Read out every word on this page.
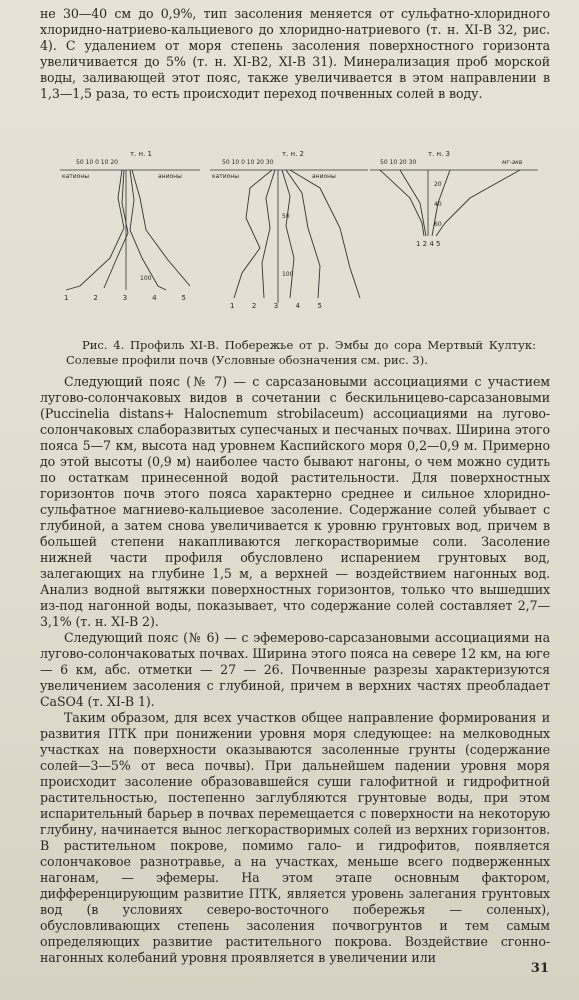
не 30—40 см до 0,9%, тип засоления меняется от сульфатно-хлоридного хлоридно-натриево-кальциевого до хлоридно-натриевого (т. н. XI-В 32, рис. 4). С удалением от моря степень засоления поверхностного горизонта увеличивается до 5% (т. н. XI-В2, XI-В 31). Минерализация проб морской воды, заливающей этот пояс, также увеличивается в этом направлении в 1,3—1,5 раза, то есть происходит переход почвенных солей в воду.

т. н. 1
50 10 0 10 20
катионы	анионы
100
1 2 3 4 5
т. н. 2
50 10 0 10 20 30
катионы	анионы
50
100
1 2 3 4 5
т. н. 3
50 10 20 30	мг-экв
20
40
60
1 2 4 5

Рис. 4. Профиль XI-В. Побережье от р. Эмбы до сора Мертвый Култук: Солевые профили почв (Условные обозначения см. рис. 3).

Следующий пояс (№ 7) — с сарсазановыми ассоциациями с участием лугово-солончаковых видов в сочетании с бескильницево-сарсазановыми (Puccinelia distans+ Halocnemum strobilaceum) ассоциациями на лугово-солончаковых слаборазвитых супесчаных и песчаных почвах. Ширина этого пояса 5—7 км, высота над уровнем Каспийского моря 0,2—0,9 м. Примерно до этой высоты (0,9 м) наиболее часто бывают нагоны, о чем можно судить по остаткам принесенной водой растительности. Для поверхностных горизонтов почв этого пояса характерно среднее и сильное хлоридно-сульфатное магниево-кальциевое засоление. Содержание солей убывает с глубиной, а затем снова увеличивается к уровню грунтовых вод, причем в большей степени накапливаются легкорастворимые соли. Засоление нижней части профиля обусловлено испарением грунтовых вод, залегающих на глубине 1,5 м, а верхней — воздействием нагонных вод. Анализ водной вытяжки поверхностных горизонтов, только что вышедших из-под нагонной воды, показывает, что содержание солей составляет 2,7—3,1% (т. н. XI-В 2).

Следующий пояс (№ 6) — с эфемерово-сарсазановыми ассоциациями на лугово-солончаковатых почвах. Ширина этого пояса на севере 12 км, на юге — 6 км, абс. отметки — 27 — 26. Почвенные разрезы характеризуются увеличением засоления с глубиной, причем в верхних частях преобладает CaSO4 (т. XI-В 1).

Таким образом, для всех участков общее направление формирования и развития ПТК при понижении уровня моря следующее: на мелководных участках на поверхности оказываются засоленные грунты (содержание солей—3—5% от веса почвы). При дальнейшем падении уровня моря происходит засоление образовавшейся суши галофитной и гидрофитной растительностью, постепенно заглубляются грунтовые воды, при этом испарительный барьер в почвах перемещается с поверхности на некоторую глубину, начинается вынос легкорастворимых солей из верхних горизонтов. В растительном покрове, помимо гало- и гидрофитов, появляется солончаковое разнотравье, а на участках, меньше всего подверженных нагонам, — эфемеры. На этом этапе основным фактором, дифференцирующим развитие ПТК, является уровень залегания грунтовых вод (в условиях северо-восточного побережья — соленых), обусловливающих степень засоления почвогрунтов и тем самым определяющих развитие растительного покрова. Воздействие сгонно-нагонных колебаний уровня проявляется в увеличении или

31
